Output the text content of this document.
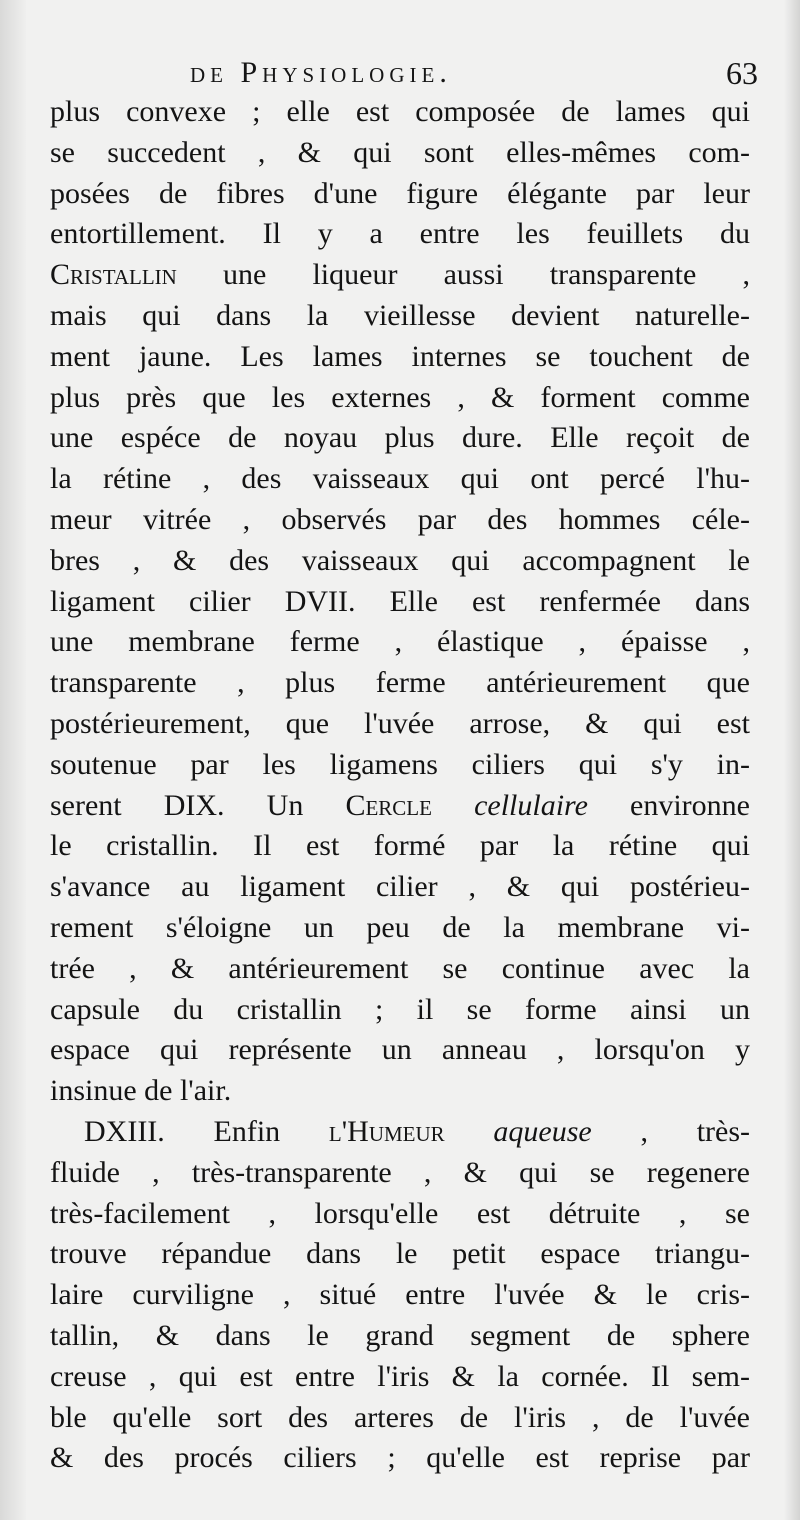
de Physiologie.	63
plus convexe ; elle est composée de lames qui
se succedent , & qui sont elles-mêmes com-
posées de fibres d'une figure élégante par leur
entortillement. Il y a entre les feuillets du
Cristallin une liqueur aussi transparente ,
mais qui dans la vieillesse devient naturelle-
ment jaune. Les lames internes se touchent de
plus près que les externes , & forment comme
une espéce de noyau plus dure. Elle reçoit de
la rétine , des vaisseaux qui ont percé l'hu-
meur vitrée , observés par des hommes céle-
bres , & des vaisseaux qui accompagnent le
ligament cilier DVII. Elle est renfermée dans
une membrane ferme , élastique , épaisse ,
transparente , plus ferme antérieurement que
postérieurement, que l'uvée arrose, & qui est
soutenue par les ligamens ciliers qui s'y in-
serent DIX. Un Cercle cellulaire environne
le cristallin. Il est formé par la rétine qui
s'avance au ligament cilier , & qui postérieu-
rement s'éloigne un peu de la membrane vi-
trée , & antérieurement se continue avec la
capsule du cristallin ; il se forme ainsi un
espace qui représente un anneau , lorsqu'on y
insinue de l'air.
DXIII. Enfin l'Humeur aqueuse , très-
fluide , très-transparente , & qui se regenere
très-facilement , lorsqu'elle est détruite , se
trouve répandue dans le petit espace triangu-
laire curviligne , situé entre l'uvée & le cris-
tallin, & dans le grand segment de sphere
creuse , qui est entre l'iris & la cornée. Il sem-
ble qu'elle sort des arteres de l'iris , de l'uvée
& des procés ciliers ; qu'elle est reprise par
